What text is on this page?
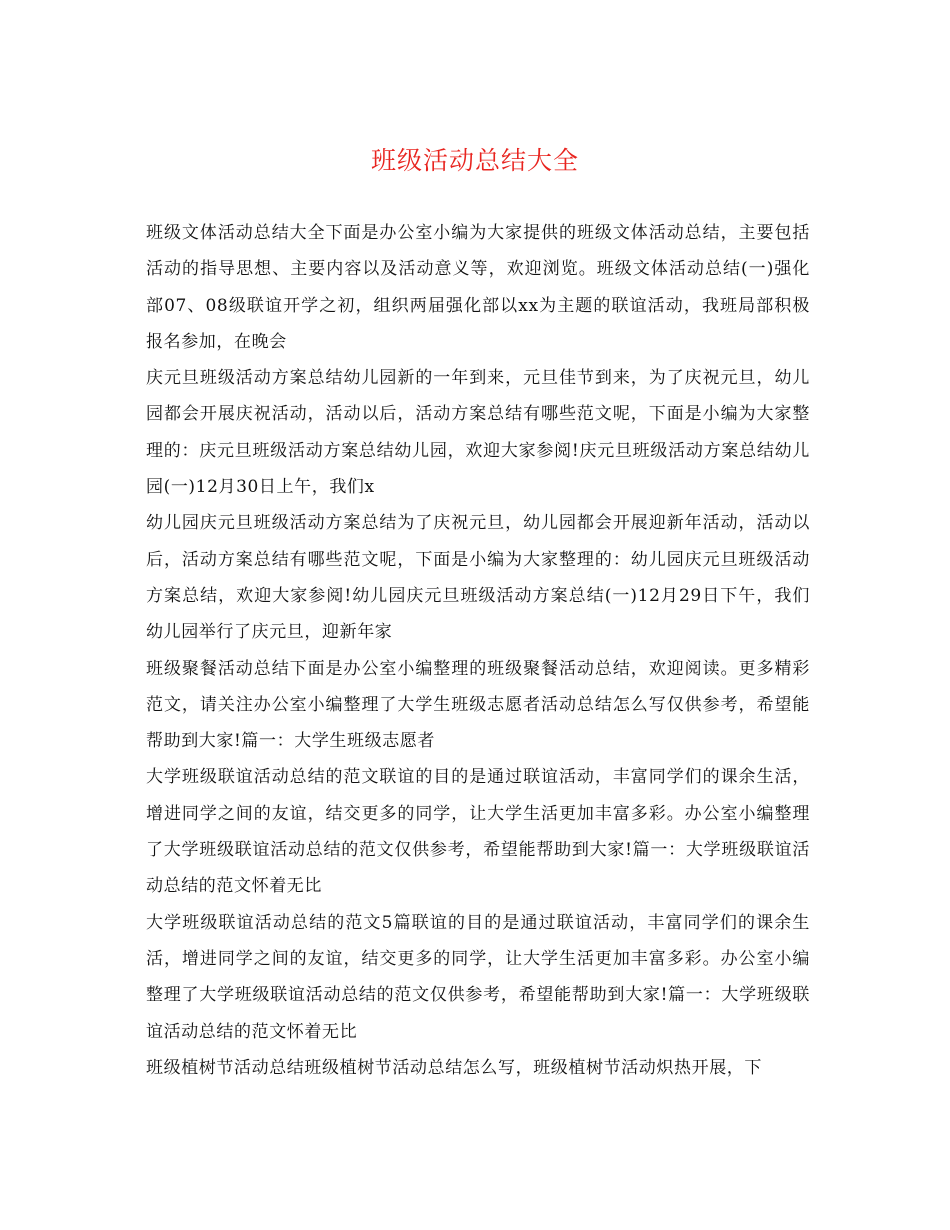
班级活动总结大全

班级文体活动总结大全下面是办公室小编为大家提供的班级文体活动总结，主要包括活动的指导思想、主要内容以及活动意义等，欢迎浏览。班级文体活动总结(一)强化部07、08级联谊开学之初，组织两届强化部以xx为主题的联谊活动，我班局部积极报名参加，在晚会

庆元旦班级活动方案总结幼儿园新的一年到来，元旦佳节到来，为了庆祝元旦，幼儿园都会开展庆祝活动，活动以后，活动方案总结有哪些范文呢，下面是小编为大家整理的：庆元旦班级活动方案总结幼儿园，欢迎大家参阅!庆元旦班级活动方案总结幼儿园(一)12月30日上午，我们x

幼儿园庆元旦班级活动方案总结为了庆祝元旦，幼儿园都会开展迎新年活动，活动以后，活动方案总结有哪些范文呢，下面是小编为大家整理的：幼儿园庆元旦班级活动方案总结，欢迎大家参阅!幼儿园庆元旦班级活动方案总结(一)12月29日下午，我们幼儿园举行了庆元旦，迎新年家

班级聚餐活动总结下面是办公室小编整理的班级聚餐活动总结，欢迎阅读。更多精彩范文，请关注办公室小编整理了大学生班级志愿者活动总结怎么写仅供参考，希望能帮助到大家!篇一：大学生班级志愿者

大学班级联谊活动总结的范文联谊的目的是通过联谊活动，丰富同学们的课余生活，增进同学之间的友谊，结交更多的同学，让大学生活更加丰富多彩。办公室小编整理了大学班级联谊活动总结的范文仅供参考，希望能帮助到大家!篇一：大学班级联谊活动总结的范文怀着无比

大学班级联谊活动总结的范文5篇联谊的目的是通过联谊活动，丰富同学们的课余生活，增进同学之间的友谊，结交更多的同学，让大学生活更加丰富多彩。办公室小编整理了大学班级联谊活动总结的范文仅供参考，希望能帮助到大家!篇一：大学班级联谊活动总结的范文怀着无比

班级植树节活动总结班级植树节活动总结怎么写，班级植树节活动炽热开展，下
